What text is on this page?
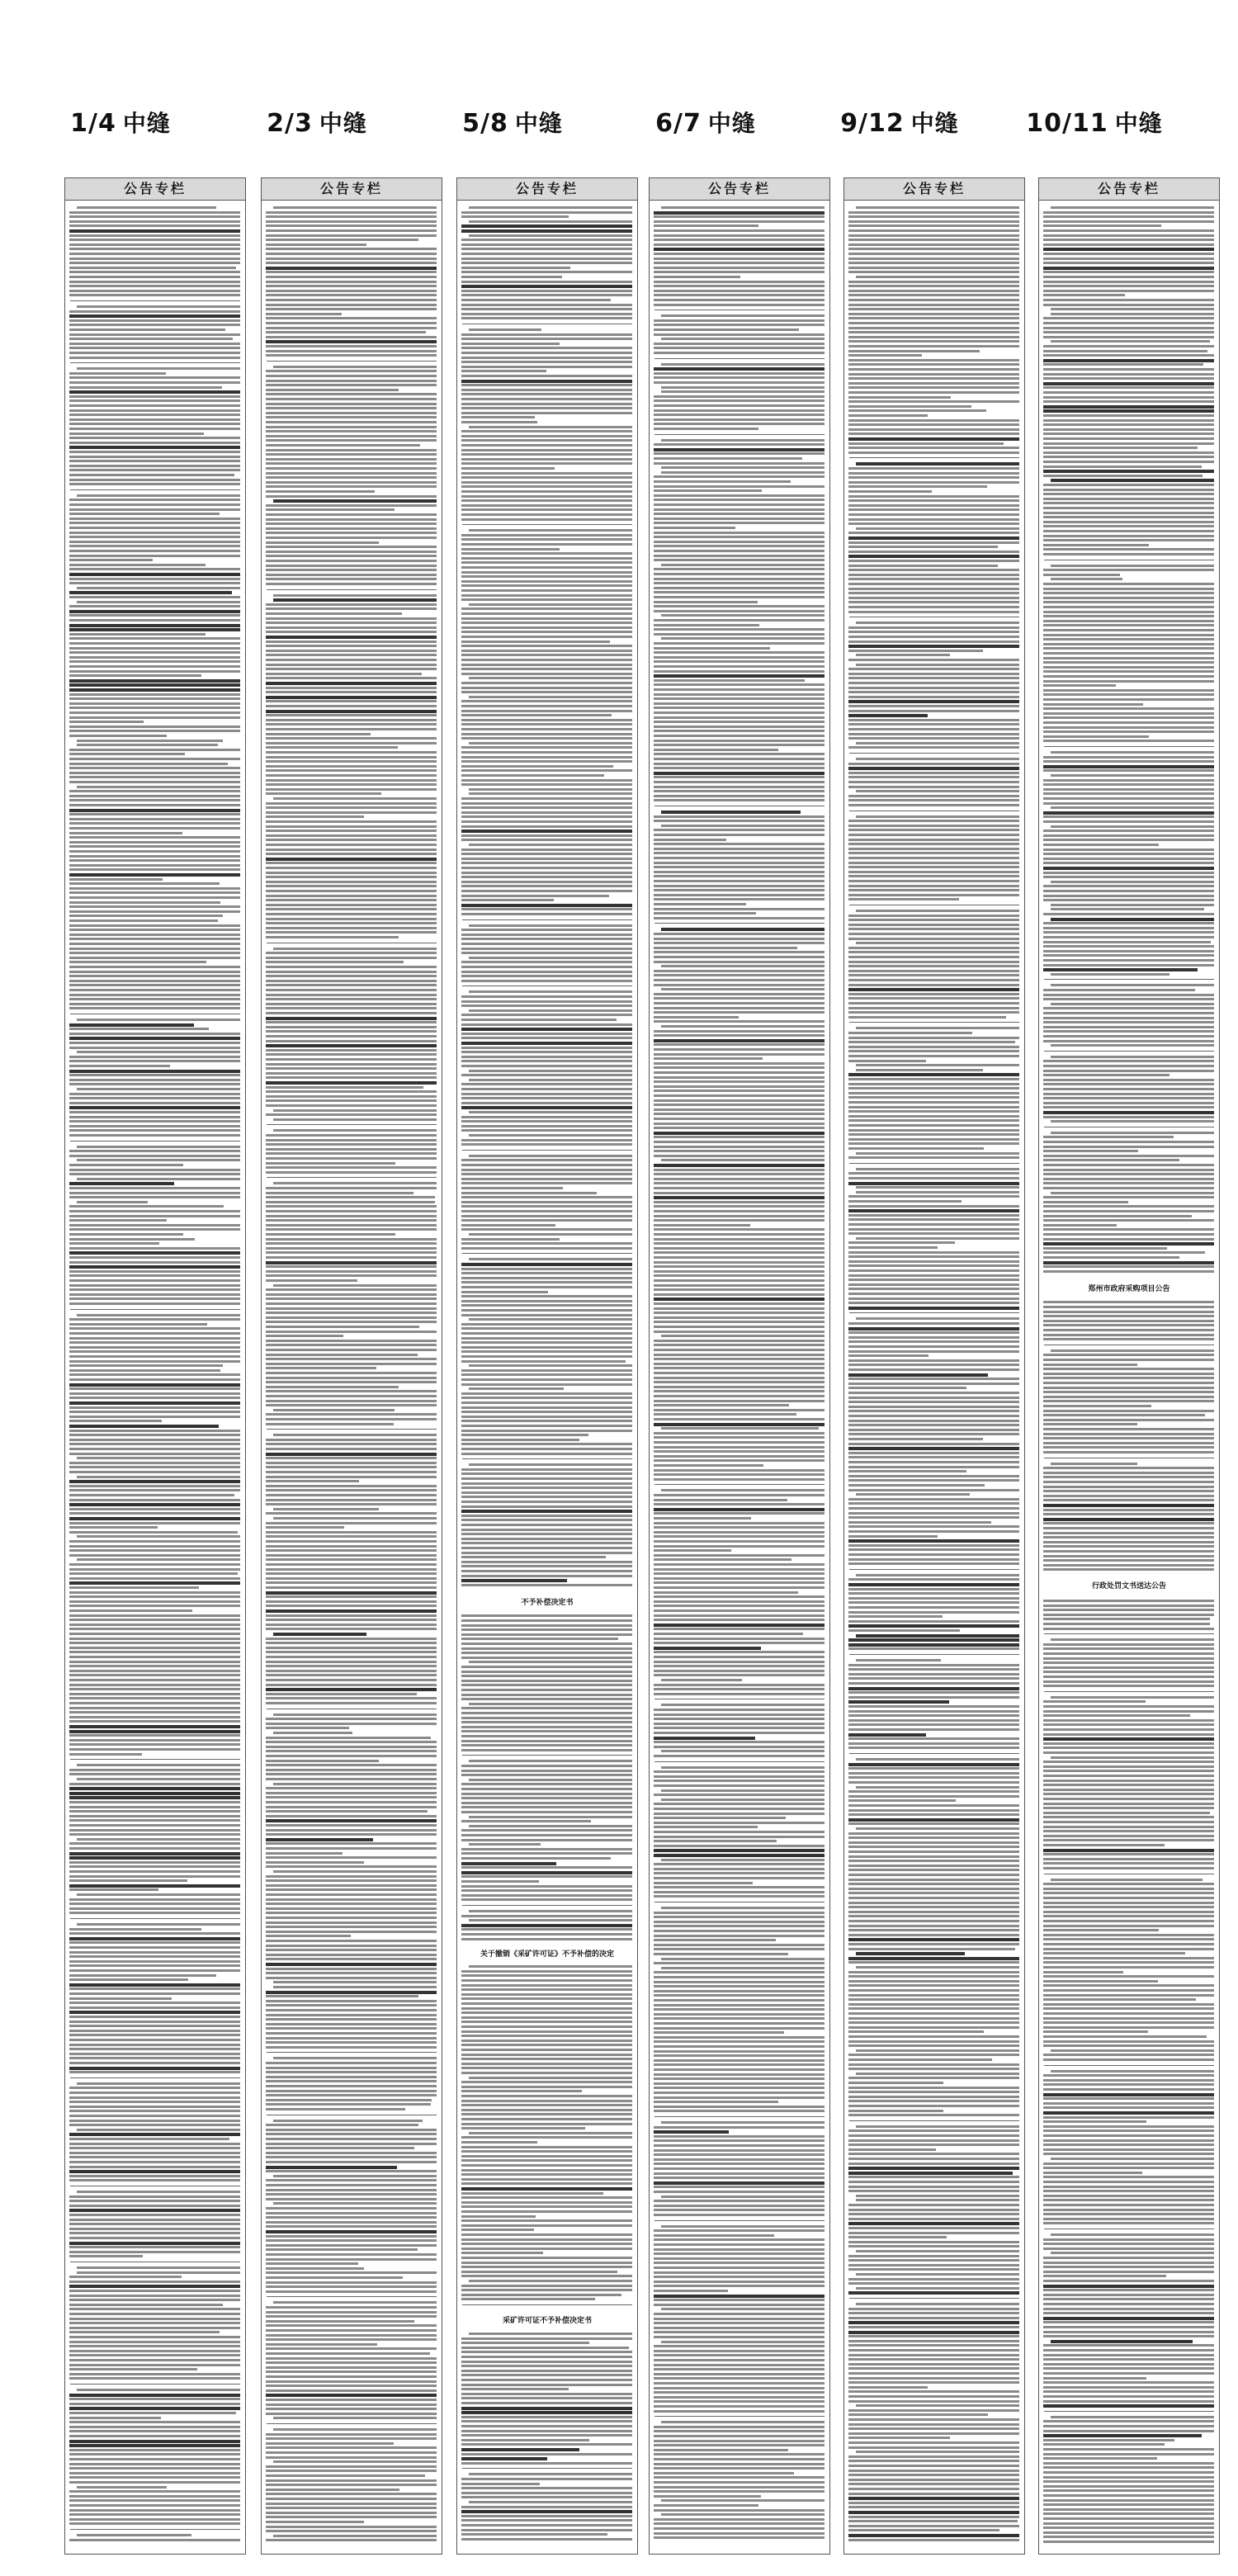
1/4 中缝	2/3 中缝	5/8 中缝	6/7 中缝	9/12 中缝	10/11 中缝
公告专栏	公告专栏	公告专栏
不予补偿决定书
关于撤销《采矿许可证》不予补偿的决定
采矿许可证不予补偿决定书
公告专栏	公告专栏	公告专栏
郑州市政府采购项目公告
行政处罚文书送达公告
